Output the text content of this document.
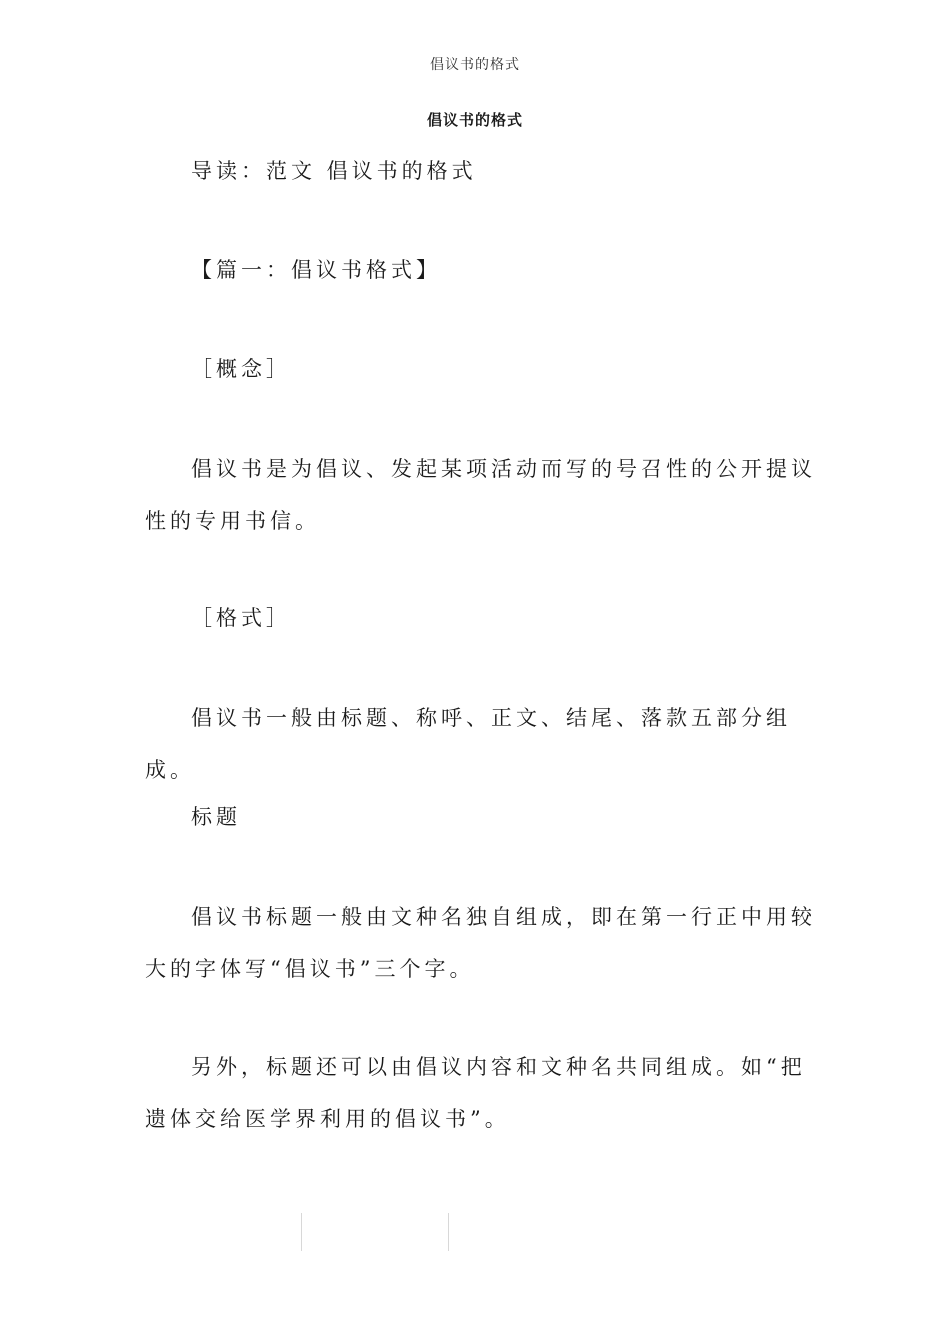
倡议书的格式
倡议书的格式

导读：范文 倡议书的格式

【篇一：倡议书格式】

［概念］

倡议书是为倡议、发起某项活动而写的号召性的公开提议性的专用书信。

［格式］

倡议书一般由标题、称呼、正文、结尾、落款五部分组成。

标题

倡议书标题一般由文种名独自组成，即在第一行正中用较大的字体写“倡议书”三个字。

另外，标题还可以由倡议内容和文种名共同组成。如“把遗体交给医学界利用的倡议书”。
